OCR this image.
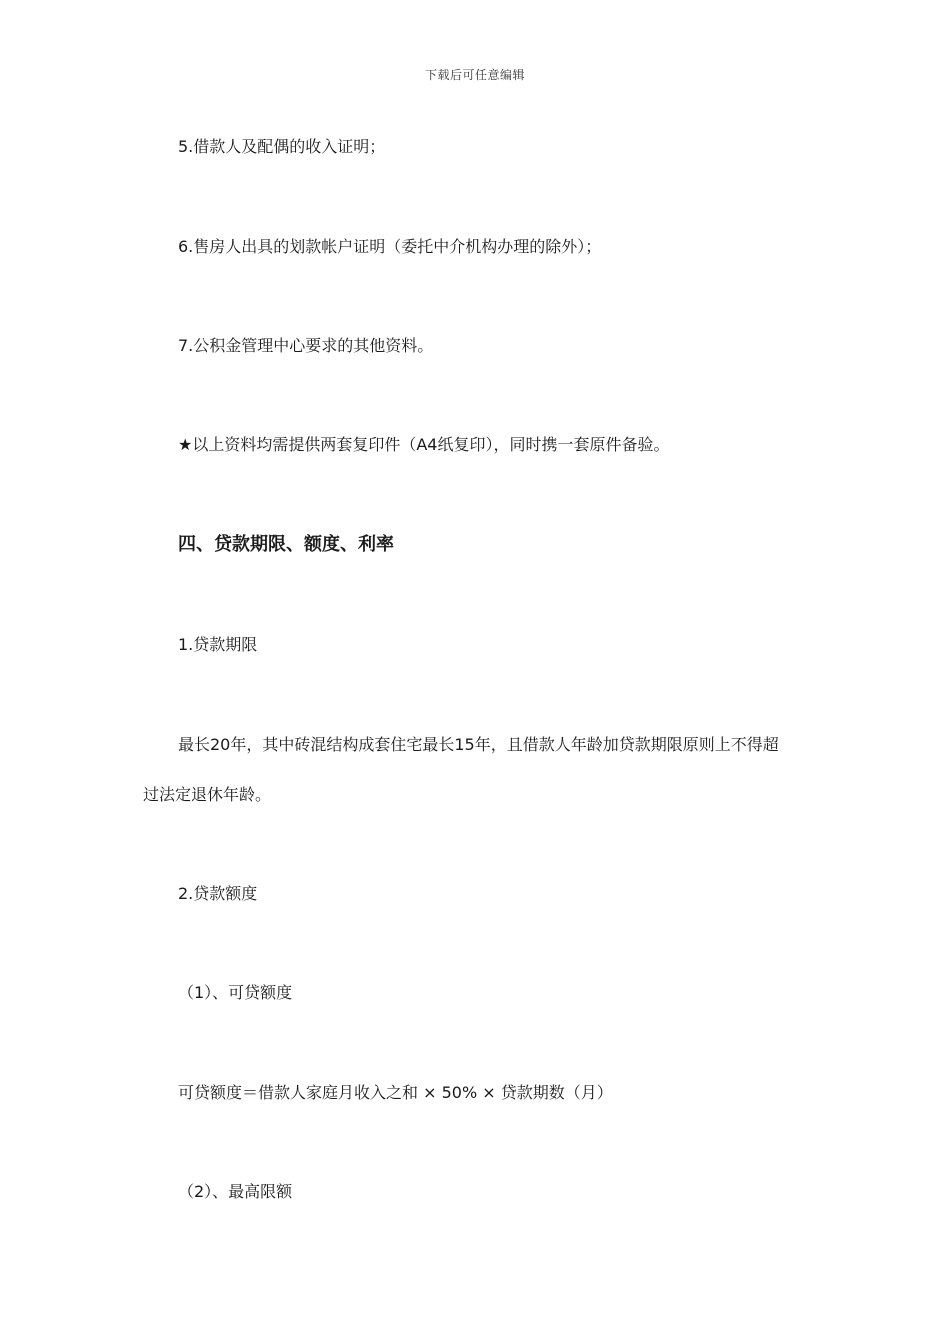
下载后可任意编辑
5.借款人及配偶的收入证明；
6.售房人出具的划款帐户证明（委托中介机构办理的除外）；
7.公积金管理中心要求的其他资料。
★以上资料均需提供两套复印件（A4纸复印），同时携一套原件备验。
四、贷款期限、额度、利率
1.贷款期限
最长20年，其中砖混结构成套住宅最长15年，且借款人年龄加贷款期限原则上不得超
过法定退休年龄。
2.贷款额度
（1）、可贷额度
可贷额度＝借款人家庭月收入之和 × 50% × 贷款期数（月）
（2）、最高限额
